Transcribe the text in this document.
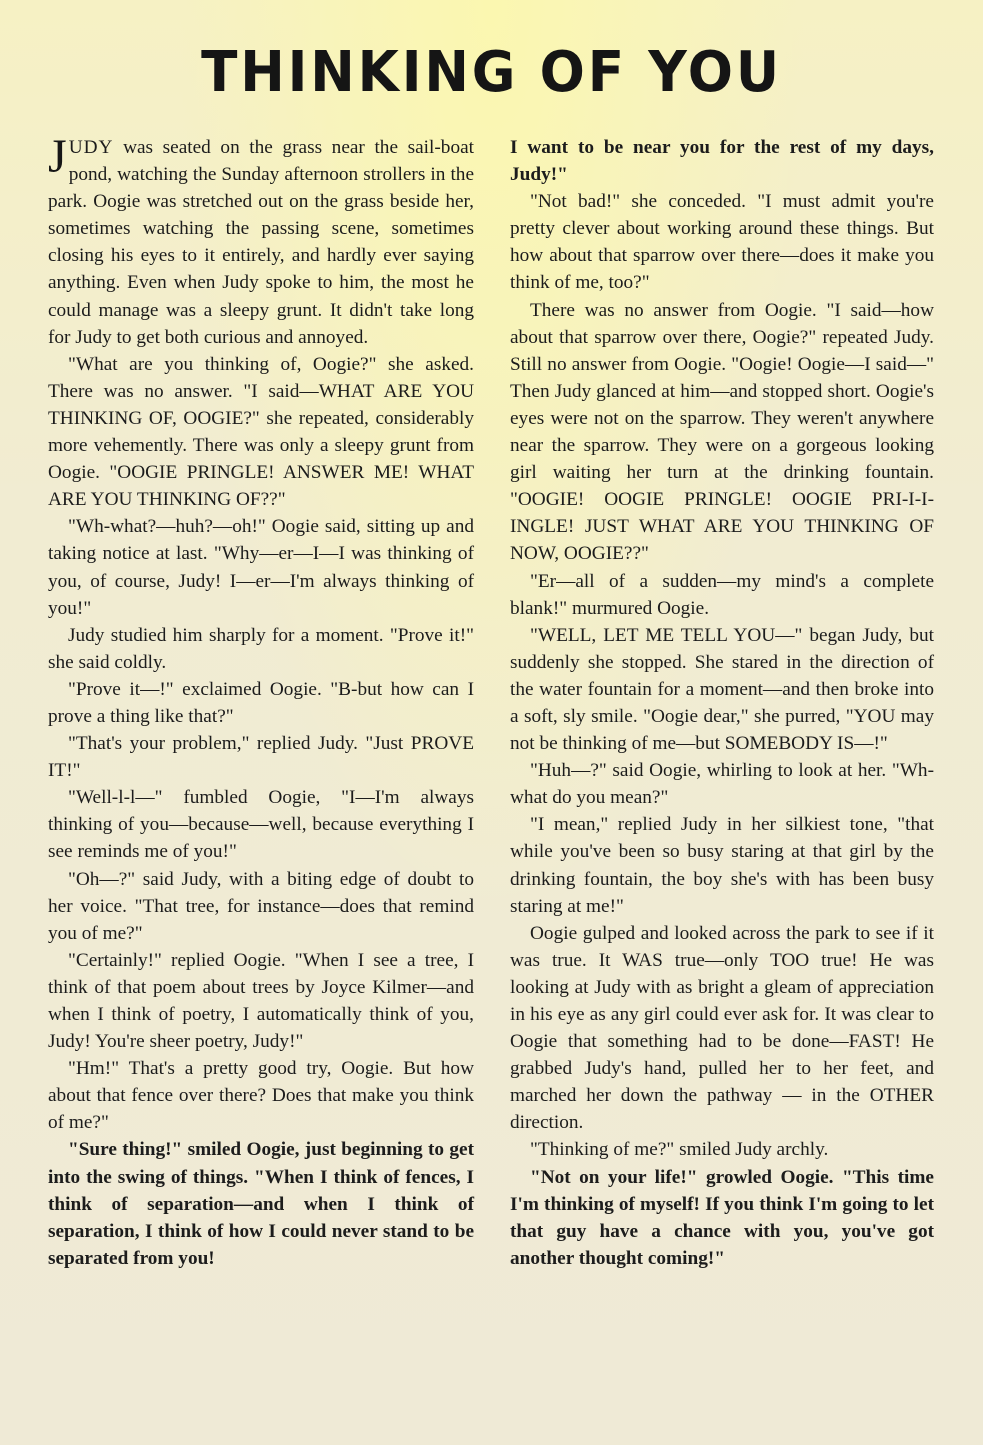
THINKING OF YOU

JUDY was seated on the grass near the sail-boat pond, watching the Sunday afternoon strollers in the park. Oogie was stretched out on the grass beside her, sometimes watching the passing scene, sometimes closing his eyes to it entirely, and hardly ever saying anything. Even when Judy spoke to him, the most he could manage was a sleepy grunt. It didn't take long for Judy to get both curious and annoyed.

"What are you thinking of, Oogie?" she asked. There was no answer. "I said—WHAT ARE YOU THINKING OF, OOGIE?" she repeated, considerably more vehemently. There was only a sleepy grunt from Oogie. "OOGIE PRINGLE! ANSWER ME! WHAT ARE YOU THINKING OF??"

"Wh-what?—huh?—oh!" Oogie said, sitting up and taking notice at last. "Why—er—I—I was thinking of you, of course, Judy! I—er—I'm always thinking of you!"

Judy studied him sharply for a moment. "Prove it!" she said coldly.

"Prove it—!" exclaimed Oogie. "B-but how can I prove a thing like that?"

"That's your problem," replied Judy. "Just PROVE IT!"

"Well-l-l—" fumbled Oogie, "I—I'm always thinking of you—because—well, because everything I see reminds me of you!"

"Oh—?" said Judy, with a biting edge of doubt to her voice. "That tree, for instance—does that remind you of me?"

"Certainly!" replied Oogie. "When I see a tree, I think of that poem about trees by Joyce Kilmer—and when I think of poetry, I automatically think of you, Judy! You're sheer poetry, Judy!"

"Hm!" That's a pretty good try, Oogie. But how about that fence over there? Does that make you think of me?"

"Sure thing!" smiled Oogie, just beginning to get into the swing of things. "When I think of fences, I think of separation—and when I think of separation, I think of how I could never stand to be separated from you!

I want to be near you for the rest of my days, Judy!"

"Not bad!" she conceded. "I must admit you're pretty clever about working around these things. But how about that sparrow over there—does it make you think of me, too?"

There was no answer from Oogie. "I said—how about that sparrow over there, Oogie?" repeated Judy. Still no answer from Oogie. "Oogie! Oogie—I said—" Then Judy glanced at him—and stopped short. Oogie's eyes were not on the sparrow. They weren't anywhere near the sparrow. They were on a gorgeous looking girl waiting her turn at the drinking fountain. "OOGIE! OOGIE PRINGLE! OOGIE PRI-I-I-INGLE! JUST WHAT ARE YOU THINKING OF NOW, OOGIE??"

"Er—all of a sudden—my mind's a complete blank!" murmured Oogie.

"WELL, LET ME TELL YOU—" began Judy, but suddenly she stopped. She stared in the direction of the water fountain for a moment—and then broke into a soft, sly smile. "Oogie dear," she purred, "YOU may not be thinking of me—but SOMEBODY IS—!"

"Huh—?" said Oogie, whirling to look at her. "Wh-what do you mean?"

"I mean," replied Judy in her silkiest tone, "that while you've been so busy staring at that girl by the drinking fountain, the boy she's with has been busy staring at me!"

Oogie gulped and looked across the park to see if it was true. It WAS true—only TOO true! He was looking at Judy with as bright a gleam of appreciation in his eye as any girl could ever ask for. It was clear to Oogie that something had to be done—FAST! He grabbed Judy's hand, pulled her to her feet, and marched her down the pathway — in the OTHER direction.

"Thinking of me?" smiled Judy archly.

"Not on your life!" growled Oogie. "This time I'm thinking of myself! If you think I'm going to let that guy have a chance with you, you've got another thought coming!"
